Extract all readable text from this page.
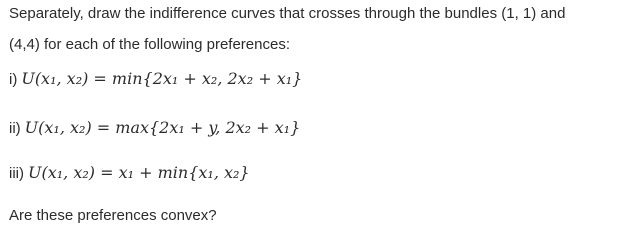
Separately, draw the indifference curves that crosses through the bundles (1, 1) and
(4,4) for each of the following preferences:
i) U(x₁, x₂) = min{2x₁ + x₂, 2x₂ + x₁}
ii) U(x₁, x₂) = max{2x₁ + y, 2x₂ + x₁}
iii) U(x₁, x₂) = x₁ + min{x₁, x₂}
Are these preferences convex?
